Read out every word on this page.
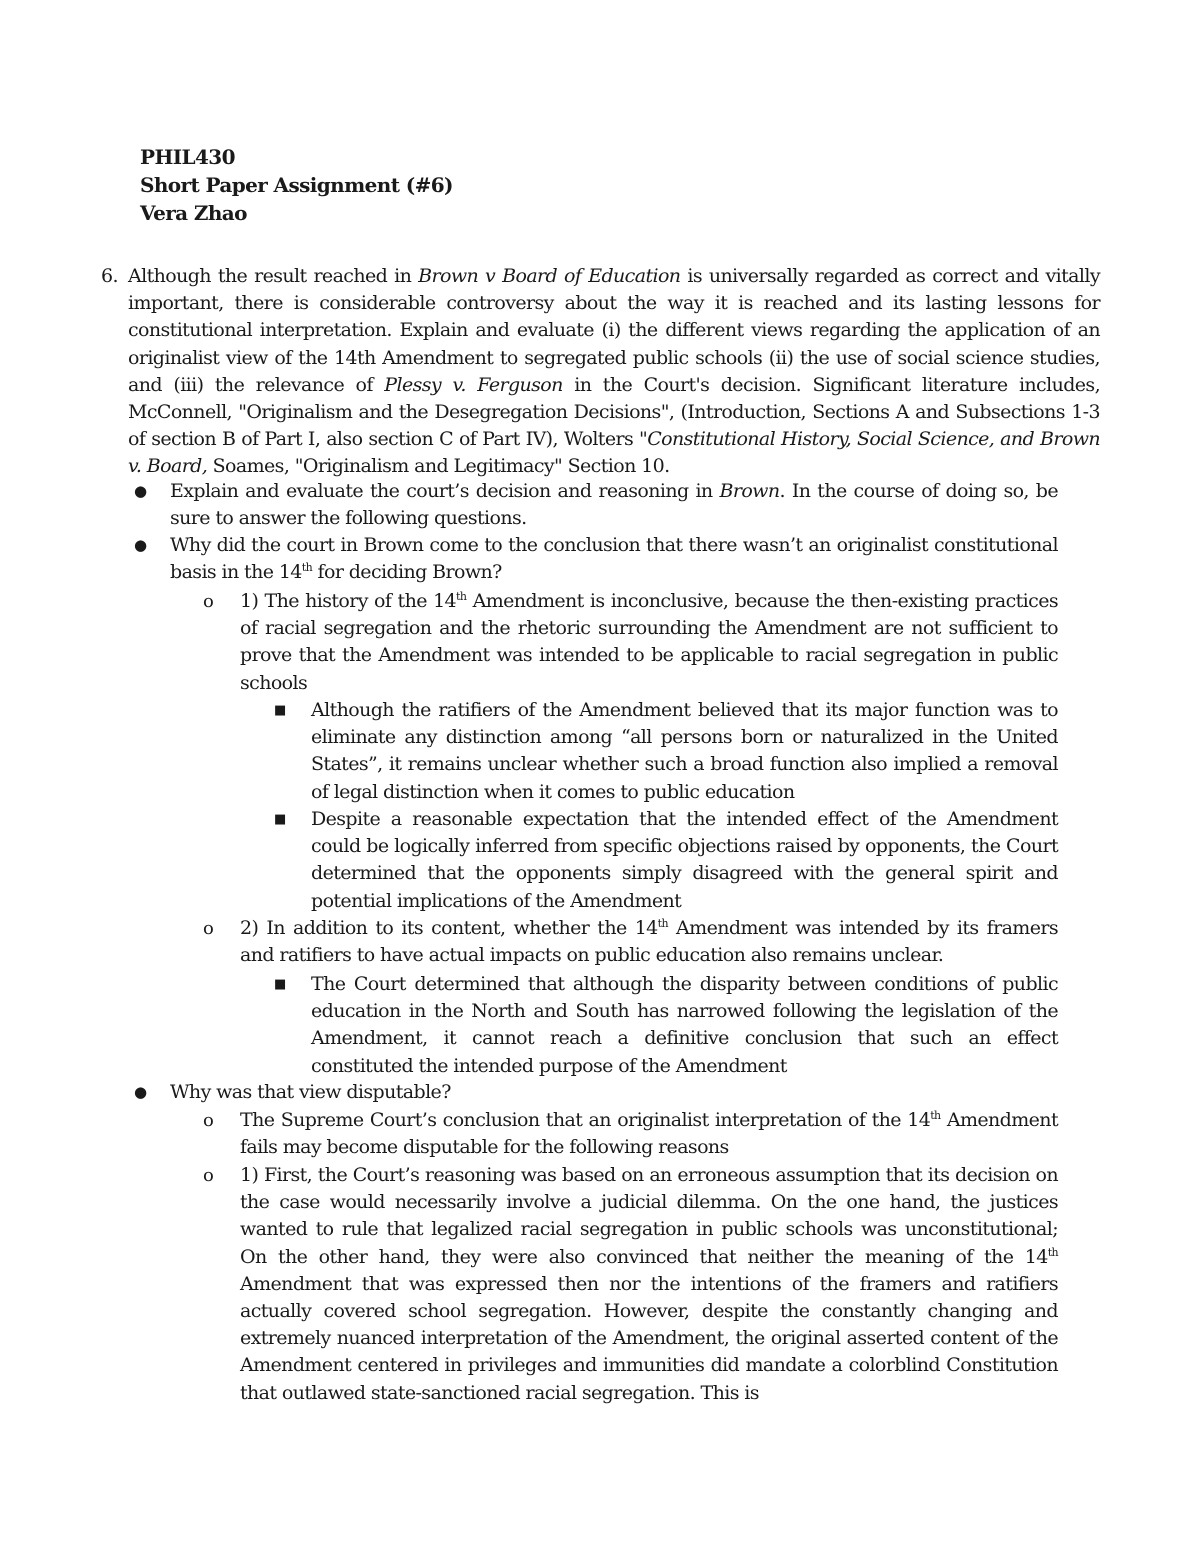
PHIL430
Short Paper Assignment (#6)
Vera Zhao
6. Although the result reached in Brown v Board of Education is universally regarded as correct and vitally important, there is considerable controversy about the way it is reached and its lasting lessons for constitutional interpretation. Explain and evaluate (i) the different views regarding the application of an originalist view of the 14th Amendment to segregated public schools (ii) the use of social science studies, and (iii) the relevance of Plessy v. Ferguson in the Court's decision. Significant literature includes, McConnell, "Originalism and the Desegregation Decisions", (Introduction, Sections A and Subsections 1-3 of section B of Part I, also section C of Part IV), Wolters "Constitutional History, Social Science, and Brown v. Board, Soames, "Originalism and Legitimacy" Section 10.
● Explain and evaluate the court’s decision and reasoning in Brown. In the course of doing so, be sure to answer the following questions.
● Why did the court in Brown come to the conclusion that there wasn’t an originalist constitutional basis in the 14th for deciding Brown?
o 1) The history of the 14th Amendment is inconclusive, because the then-existing practices of racial segregation and the rhetoric surrounding the Amendment are not sufficient to prove that the Amendment was intended to be applicable to racial segregation in public schools
■ Although the ratifiers of the Amendment believed that its major function was to eliminate any distinction among “all persons born or naturalized in the United States”, it remains unclear whether such a broad function also implied a removal of legal distinction when it comes to public education
■ Despite a reasonable expectation that the intended effect of the Amendment could be logically inferred from specific objections raised by opponents, the Court determined that the opponents simply disagreed with the general spirit and potential implications of the Amendment
o 2) In addition to its content, whether the 14th Amendment was intended by its framers and ratifiers to have actual impacts on public education also remains unclear.
■ The Court determined that although the disparity between conditions of public education in the North and South has narrowed following the legislation of the Amendment, it cannot reach a definitive conclusion that such an effect constituted the intended purpose of the Amendment
● Why was that view disputable?
o The Supreme Court’s conclusion that an originalist interpretation of the 14th Amendment fails may become disputable for the following reasons
o 1) First, the Court’s reasoning was based on an erroneous assumption that its decision on the case would necessarily involve a judicial dilemma. On the one hand, the justices wanted to rule that legalized racial segregation in public schools was unconstitutional; On the other hand, they were also convinced that neither the meaning of the 14th Amendment that was expressed then nor the intentions of the framers and ratifiers actually covered school segregation. However, despite the constantly changing and extremely nuanced interpretation of the Amendment, the original asserted content of the Amendment centered in privileges and immunities did mandate a colorblind Constitution that outlawed state-sanctioned racial segregation. This is
